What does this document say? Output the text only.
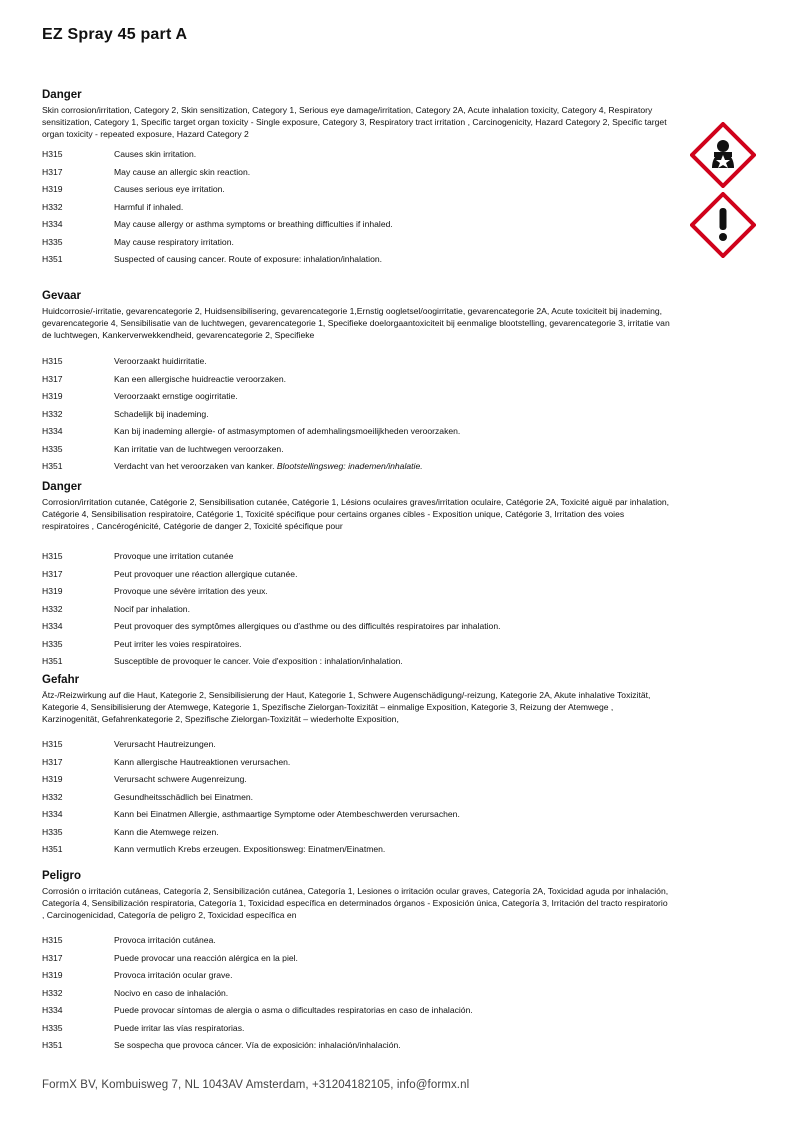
EZ Spray 45 part A
Danger
Skin corrosion/irritation, Category 2, Skin sensitization, Category 1, Serious eye damage/irritation, Category 2A, Acute inhalation toxicity, Category 4, Respiratory sensitization, Category 1, Specific target organ toxicity - Single exposure, Category 3, Respiratory tract irritation , Carcinogenicity, Hazard Category 2, Specific target organ toxicity - repeated exposure, Hazard Category 2
H315	Causes skin irritation.
H317	May cause an allergic skin reaction.
H319	Causes serious eye irritation.
H332	Harmful if inhaled.
H334	May cause allergy or asthma symptoms or breathing difficulties if inhaled.
H335	May cause respiratory irritation.
H351	Suspected of causing cancer. Route of exposure: inhalation/inhalation.
Gevaar
Huidcorrosie/-irritatie, gevarencategorie 2, Huidsensibilisering, gevarencategorie 1,Ernstig oogletsel/oogirritatie, gevarencategorie 2A, Acute toxiciteit bij inademing, gevarencategorie 4, Sensibilisatie van de luchtwegen, gevarencategorie 1, Specifieke doelorgaantoxiciteit bij eenmalige blootstelling, gevarencategorie 3, irritatie van de luchtwegen, Kankerverwekkendheid, gevarencategorie 2, Specifieke
H315	Veroorzaakt huidirritatie.
H317	Kan een allergische huidreactie veroorzaken.
H319	Veroorzaakt ernstige oogirritatie.
H332	Schadelijk bij inademing.
H334	Kan bij inademing allergie- of astmasymptomen of ademhalingsmoeilijkheden veroorzaken.
H335	Kan irritatie van de luchtwegen veroorzaken.
H351	Verdacht van het veroorzaken van kanker. Blootstellingsweg: inademen/inhalatie.
Danger
Corrosion/irritation cutanée, Catégorie 2, Sensibilisation cutanée, Catégorie 1, Lésions oculaires graves/irritation oculaire, Catégorie 2A, Toxicité aiguë par inhalation, Catégorie 4, Sensibilisation respiratoire, Catégorie 1, Toxicité spécifique pour certains organes cibles - Exposition unique, Catégorie 3, Irritation des voies respiratoires , Cancérogénicité, Catégorie de danger 2, Toxicité spécifique pour
H315	Provoque une irritation cutanée
H317	Peut provoquer une réaction allergique cutanée.
H319	Provoque une sévère irritation des yeux.
H332	Nocif par inhalation.
H334	Peut provoquer des symptômes allergiques ou d'asthme ou des difficultés respiratoires par inhalation.
H335	Peut irriter les voies respiratoires.
H351	Susceptible de provoquer le cancer. Voie d'exposition : inhalation/inhalation.
Gefahr
Ätz-/Reizwirkung auf die Haut, Kategorie 2, Sensibilisierung der Haut, Kategorie 1, Schwere Augenschädigung/-reizung, Kategorie 2A, Akute inhalative Toxizität, Kategorie 4, Sensibilisierung der Atemwege, Kategorie 1, Spezifische Zielorgan-Toxizität – einmalige Exposition, Kategorie 3, Reizung der Atemwege , Karzinogenität, Gefahrenkategorie 2, Spezifische Zielorgan-Toxizität – wiederholte Exposition,
H315	Verursacht Hautreizungen.
H317	Kann allergische Hautreaktionen verursachen.
H319	Verursacht schwere Augenreizung.
H332	Gesundheitsschädlich bei Einatmen.
H334	Kann bei Einatmen Allergie, asthmaartige Symptome oder Atembeschwerden verursachen.
H335	Kann die Atemwege reizen.
H351	Kann vermutlich Krebs erzeugen. Expositionsweg: Einatmen/Einatmen.
Peligro
Corrosión o irritación cutáneas, Categoría 2, Sensibilización cutánea, Categoría 1, Lesiones o irritación ocular graves, Categoría 2A, Toxicidad aguda por inhalación, Categoría 4, Sensibilización respiratoria, Categoría 1, Toxicidad específica en determinados órganos - Exposición única, Categoría 3, Irritación del tracto respiratorio , Carcinogenicidad, Categoría de peligro 2, Toxicidad específica en
H315	Provoca irritación cutánea.
H317	Puede provocar una reacción alérgica en la piel.
H319	Provoca irritación ocular grave.
H332	Nocivo en caso de inhalación.
H334	Puede provocar síntomas de alergia o asma o dificultades respiratorias en caso de inhalación.
H335	Puede irritar las vías respiratorias.
H351	Se sospecha que provoca cáncer. Vía de exposición: inhalación/inhalación.
FormX BV, Kombuisweg 7, NL 1043AV Amsterdam, +31204182105, info@formx.nl
